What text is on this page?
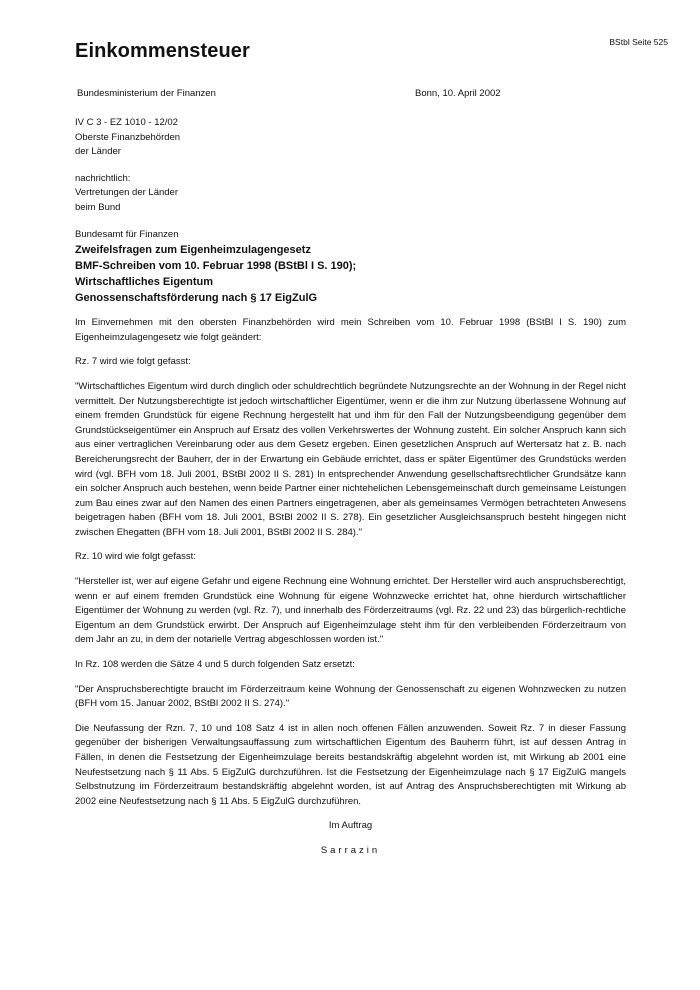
BStbl Seite 525
Einkommensteuer
Bundesministerium der Finanzen	Bonn, 10. April 2002

IV C 3 - EZ 1010 - 12/02

Oberste Finanzbehörden

der Länder

nachrichtlich:

Vertretungen der Länder

beim Bund

Bundesamt für Finanzen

Zweifelsfragen zum Eigenheimzulagengesetz
BMF-Schreiben vom 10. Februar 1998 (BStBl I S. 190);
Wirtschaftliches Eigentum
Genossenschaftsförderung nach § 17 EigZulG

Im Einvernehmen mit den obersten Finanzbehörden wird mein Schreiben vom 10. Februar 1998 (BStBl I S. 190) zum Eigenheimzulagengesetz wie folgt geändert:

Rz. 7 wird wie folgt gefasst:

"Wirtschaftliches Eigentum wird durch dinglich oder schuldrechtlich begründete Nutzungsrechte an der Wohnung in der Regel nicht vermittelt. Der Nutzungsberechtigte ist jedoch wirtschaftlicher Eigentümer, wenn er die ihm zur Nutzung überlassene Wohnung auf einem fremden Grundstück für eigene Rechnung hergestellt hat und ihm für den Fall der Nutzungsbeendigung gegenüber dem Grundstückseigentümer ein Anspruch auf Ersatz des vollen Verkehrswertes der Wohnung zusteht. Ein solcher Anspruch kann sich aus einer vertraglichen Vereinbarung oder aus dem Gesetz ergeben. Einen gesetzlichen Anspruch auf Wertersatz hat z. B. nach Bereicherungsrecht der Bauherr, der in der Erwartung ein Gebäude errichtet, dass er später Eigentümer des Grundstücks werden wird (vgl. BFH vom 18. Juli 2001, BStBl 2002 II S. 281) In entsprechender Anwendung gesellschaftsrechtlicher Grundsätze kann ein solcher Anspruch auch bestehen, wenn beide Partner einer nichtehelichen Lebensgemeinschaft durch gemeinsame Leistungen zum Bau eines zwar auf den Namen des einen Partners eingetragenen, aber als gemeinsames Vermögen betrachteten Anwesens beigetragen haben (BFH vom 18. Juli 2001, BStBl 2002 II S. 278). Ein gesetzlicher Ausgleichsanspruch besteht hingegen nicht zwischen Ehegatten (BFH vom 18. Juli 2001, BStBl 2002 II S. 284)."

Rz. 10 wird wie folgt gefasst:

"Hersteller ist, wer auf eigene Gefahr und eigene Rechnung eine Wohnung errichtet. Der Hersteller wird auch anspruchsberechtigt, wenn er auf einem fremden Grundstück eine Wohnung für eigene Wohnzwecke errichtet hat, ohne hierdurch wirtschaftlicher Eigentümer der Wohnung zu werden (vgl. Rz. 7), und innerhalb des Förderzeitraums (vgl. Rz. 22 und 23) das bürgerlich-rechtliche Eigentum an dem Grundstück erwirbt. Der Anspruch auf Eigenheimzulage steht ihm für den verbleibenden Förderzeitraum von dem Jahr an zu, in dem der notarielle Vertrag abgeschlossen worden ist."

In Rz. 108 werden die Sätze 4 und 5 durch folgenden Satz ersetzt:

"Der Anspruchsberechtigte braucht im Förderzeitraum keine Wohnung der Genossenschaft zu eigenen Wohnzwecken zu nutzen (BFH vom 15. Januar 2002, BStBl 2002 II S. 274)."

Die Neufassung der Rzn. 7, 10 und 108 Satz 4 ist in allen noch offenen Fällen anzuwenden. Soweit Rz. 7 in dieser Fassung gegenüber der bisherigen Verwaltungsauffassung zum wirtschaftlichen Eigentum des Bauherrn führt, ist auf dessen Antrag in Fällen, in denen die Festsetzung der Eigenheimzulage bereits bestandskräftig abgelehnt worden ist, mit Wirkung ab 2001 eine Neufestsetzung nach § 11 Abs. 5 EigZulG durchzuführen. Ist die Festsetzung der Eigenheimzulage nach § 17 EigZulG mangels Selbstnutzung im Förderzeitraum bestandskräftig abgelehnt worden, ist auf Antrag des Anspruchsberechtigten mit Wirkung ab 2002 eine Neufestsetzung nach § 11 Abs. 5 EigZulG durchzuführen.

Im Auftrag

Sarrazin
